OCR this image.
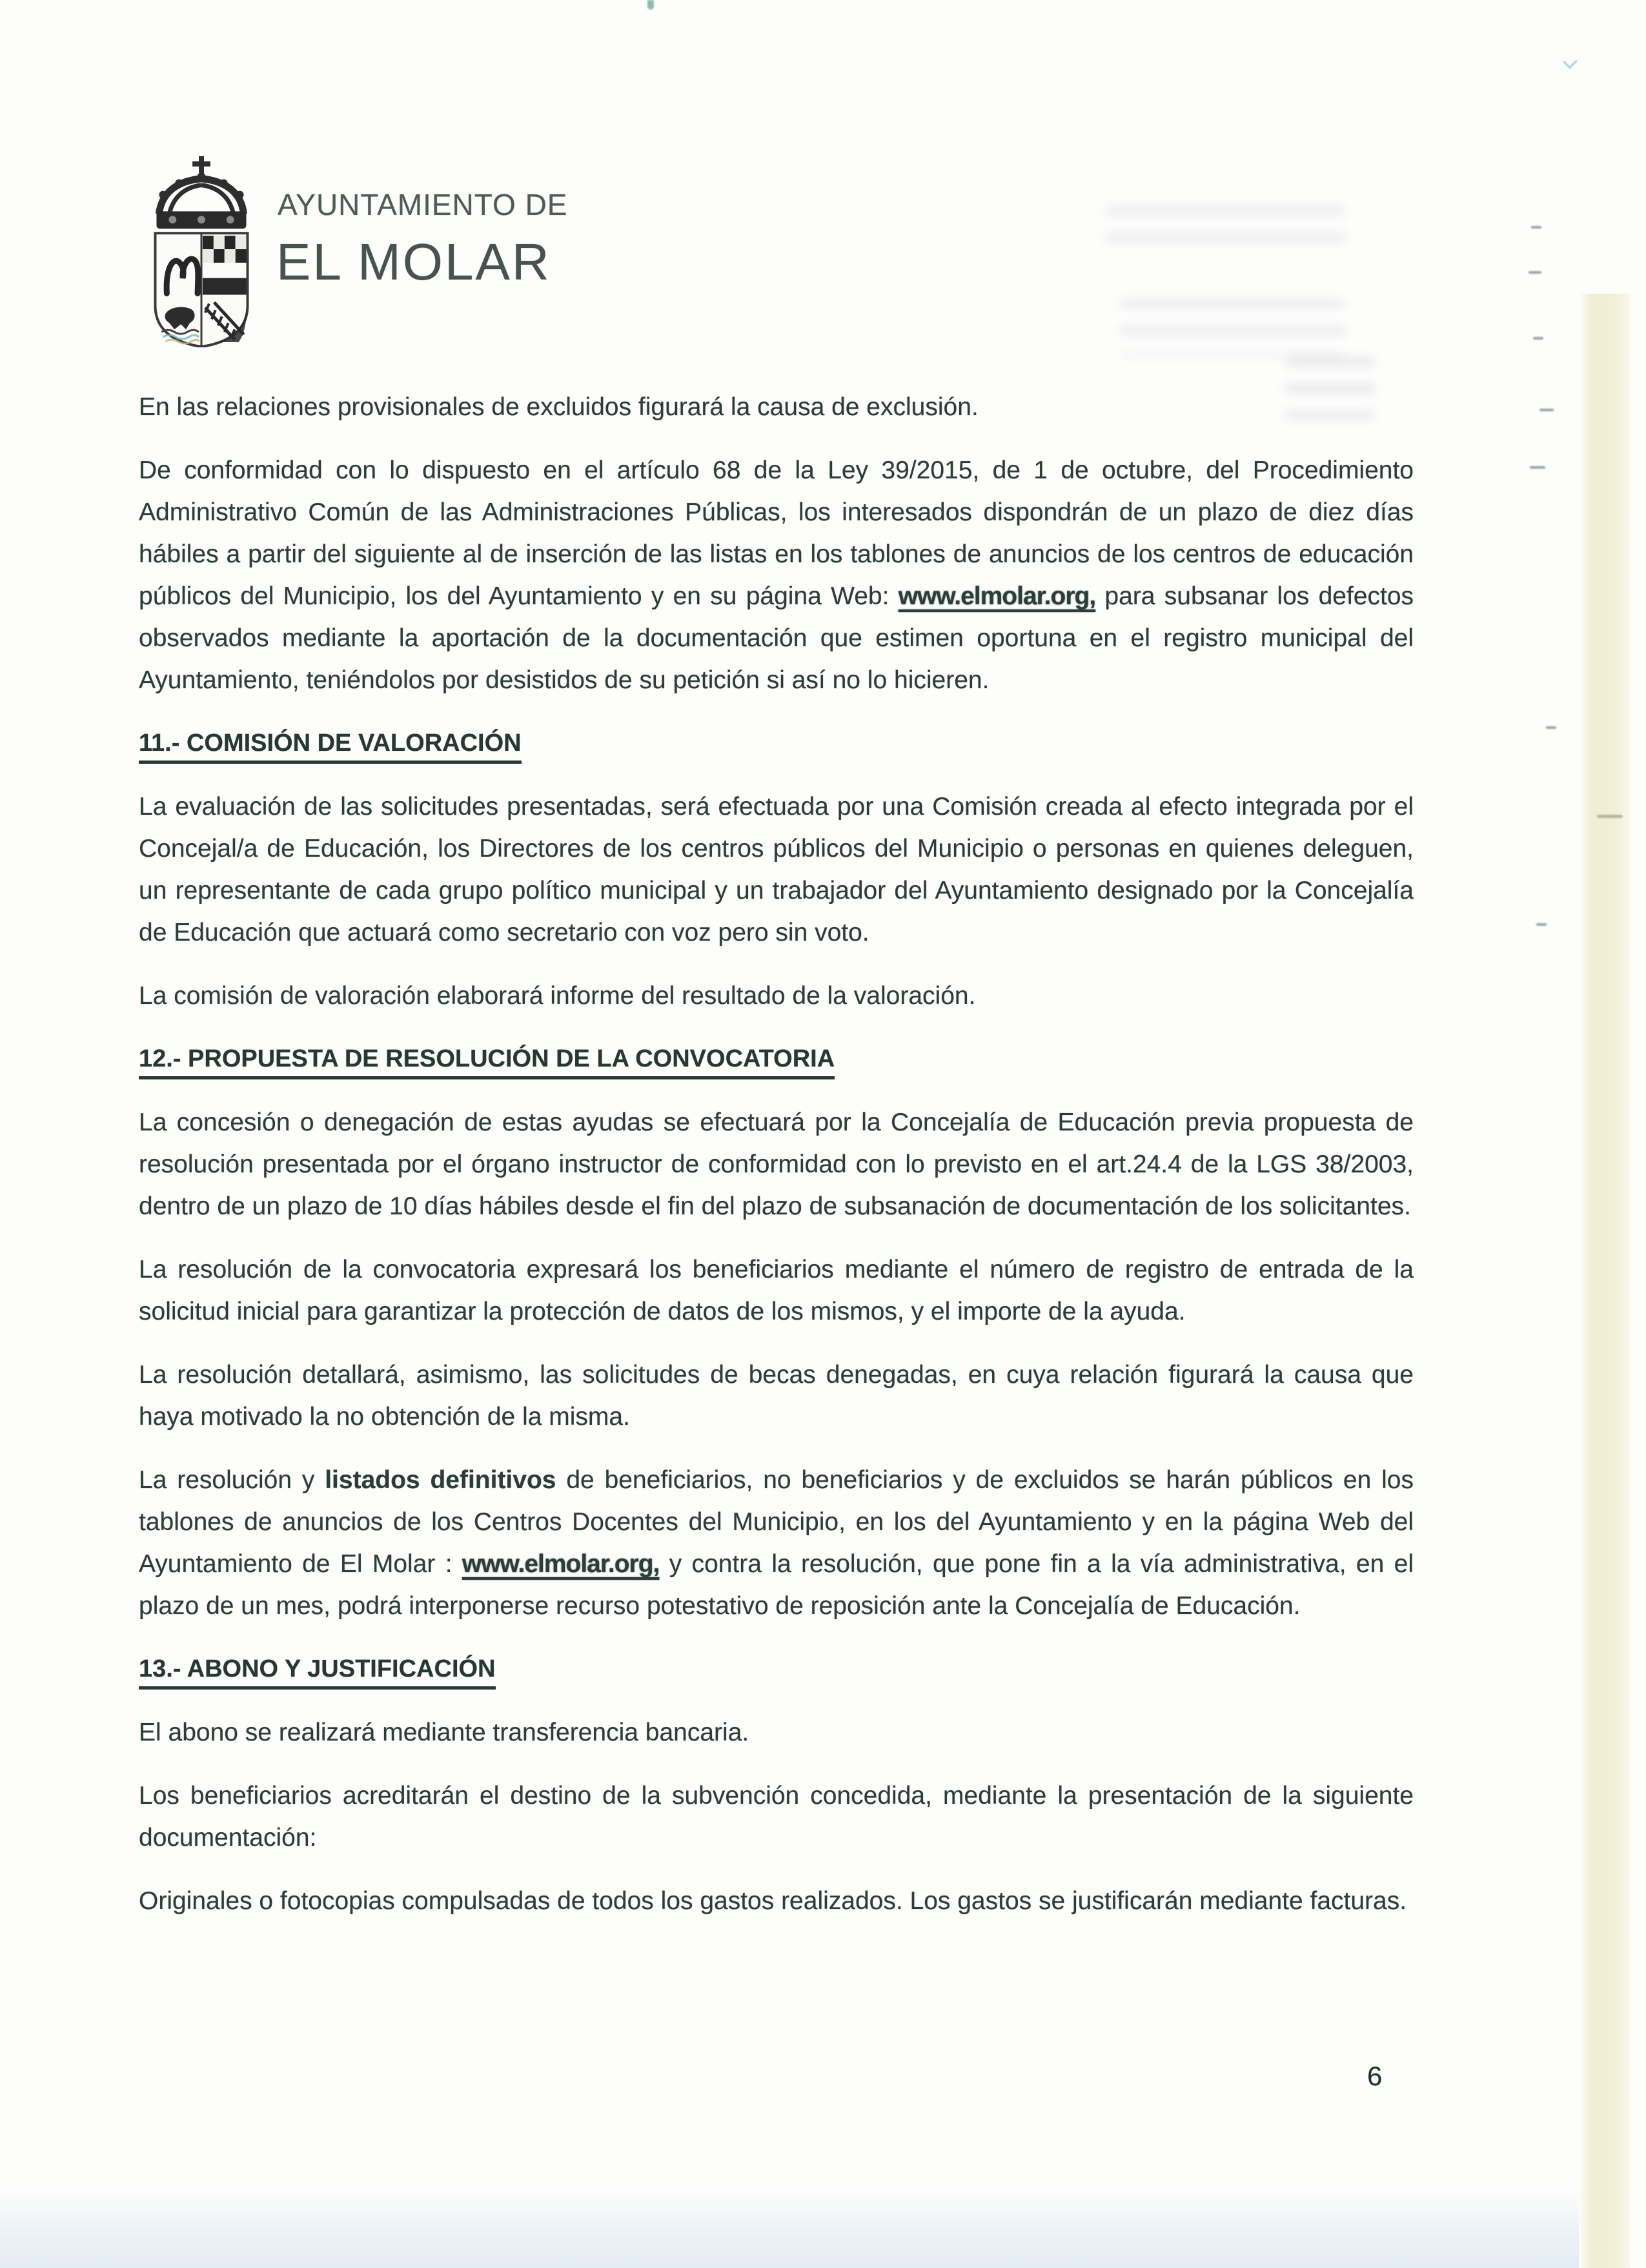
AYUNTAMIENTO DE
EL MOLAR

En las relaciones provisionales de excluidos figurará la causa de exclusión.

De conformidad con lo dispuesto en el artículo 68 de la Ley 39/2015, de 1 de octubre, del Procedimiento Administrativo Común de las Administraciones Públicas, los interesados dispondrán de un plazo de diez días hábiles a partir del siguiente al de inserción de las listas en los tablones de anuncios de los centros de educación públicos del Municipio, los del Ayuntamiento y en su página Web: www.elmolar.org, para subsanar los defectos observados mediante la aportación de la documentación que estimen oportuna en el registro municipal del Ayuntamiento, teniéndolos por desistidos de su petición si así no lo hicieren.

11.- COMISIÓN DE VALORACIÓN

La evaluación de las solicitudes presentadas, será efectuada por una Comisión creada al efecto integrada por el Concejal/a de Educación, los Directores de los centros públicos del Municipio o personas en quienes deleguen, un representante de cada grupo político municipal y un trabajador del Ayuntamiento designado por la Concejalía de Educación que actuará como secretario con voz pero sin voto.

La comisión de valoración elaborará informe del resultado de la valoración.

12.- PROPUESTA DE RESOLUCIÓN DE LA CONVOCATORIA

La concesión o denegación de estas ayudas se efectuará por la Concejalía de Educación previa propuesta de resolución presentada por el órgano instructor de conformidad con lo previsto en el art.24.4 de la LGS 38/2003, dentro de un plazo de 10 días hábiles desde el fin del plazo de subsanación de documentación de los solicitantes.

La resolución de la convocatoria expresará los beneficiarios mediante el número de registro de entrada de la solicitud inicial para garantizar la protección de datos de los mismos, y el importe de la ayuda.

La resolución detallará, asimismo, las solicitudes de becas denegadas, en cuya relación figurará la causa que haya motivado la no obtención de la misma.

La resolución y listados definitivos de beneficiarios, no beneficiarios y de excluidos se harán públicos en los tablones de anuncios de los Centros Docentes del Municipio, en los del Ayuntamiento y en la página Web del Ayuntamiento de El Molar : www.elmolar.org, y contra la resolución, que pone fin a la vía administrativa, en el plazo de un mes, podrá interponerse recurso potestativo de reposición ante la Concejalía de Educación.

13.- ABONO Y JUSTIFICACIÓN

El abono se realizará mediante transferencia bancaria.

Los beneficiarios acreditarán el destino de la subvención concedida, mediante la presentación de la siguiente documentación:

Originales o fotocopias compulsadas de todos los gastos realizados. Los gastos se justificarán mediante facturas.

6
